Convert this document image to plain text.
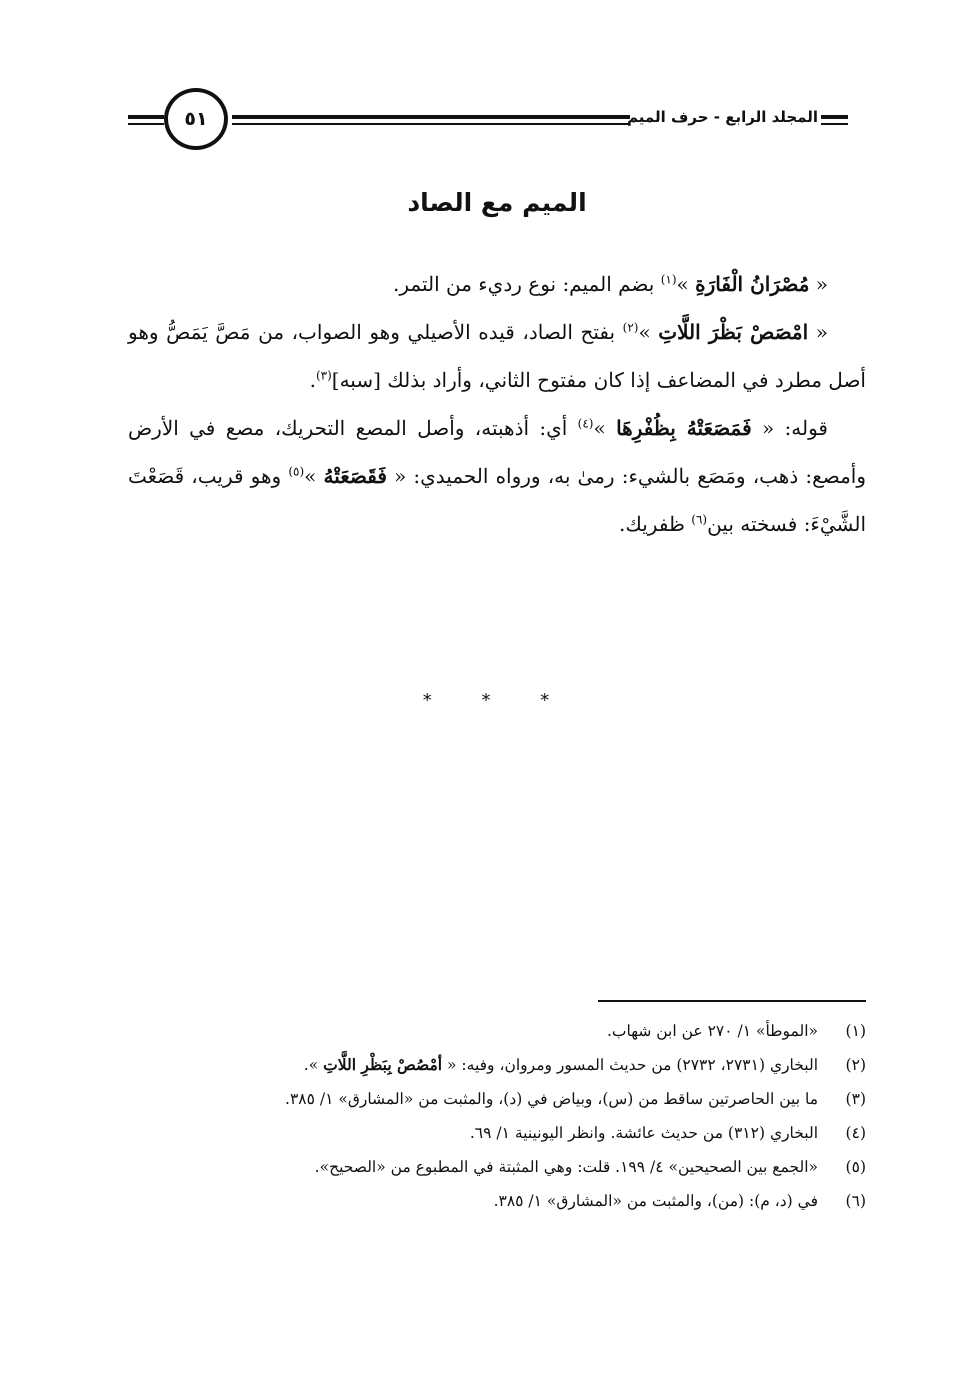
٥١	المجلد الرابع - حرف الميم
الميم مع الصاد

« مُصْرَانُ الْفَارَةِ »$^{(١)}$ بضم الميم: نوع رديء من التمر.

« امْصَصْ بَظْرَ اللَّاتِ »$^{(٢)}$ بفتح الصاد، قيده الأصيلي وهو الصواب، من مَصَّ يَمَصُّ وهو أصل مطرد في المضاعف إذا كان مفتوح الثاني، وأراد بذلك [سبه]$^{(٣)}$.

قوله: « فَمَصَعَتْهُ بِظُفْرِهَا »$^{(٤)}$ أي: أذهبته، وأصل المصع التحريك، مصع في الأرض وأمصع: ذهب، ومَصَع بالشيء: رمىٰ به، ورواه الحميدي: « فَقَصَعَتْهُ »$^{(٥)}$ وهو قريب، قَصَعْتَ الشَّيْءَ: فسخته بين$^{(٦)}$ ظفريك.

* * *
(١)
«الموطأ» ١/ ٢٧٠ عن ابن شهاب.
(٢)
البخاري (٢٧٣١، ٢٧٣٢) من حديث المسور ومروان، وفيه: « أمْصُصْ بِبَظْرِ اللَّاتِ ».
(٣)
ما بين الحاصرتين ساقط من (س)، وبياض في (د)، والمثبت من «المشارق» ١/ ٣٨٥.
(٤)
البخاري (٣١٢) من حديث عائشة. وانظر اليونينية ١/ ٦٩.
(٥)
«الجمع بين الصحيحين» ٤/ ١٩٩. قلت: وهي المثبتة في المطبوع من «الصحيح».
(٦)
في (د، م): (من)، والمثبت من «المشارق» ١/ ٣٨٥.
